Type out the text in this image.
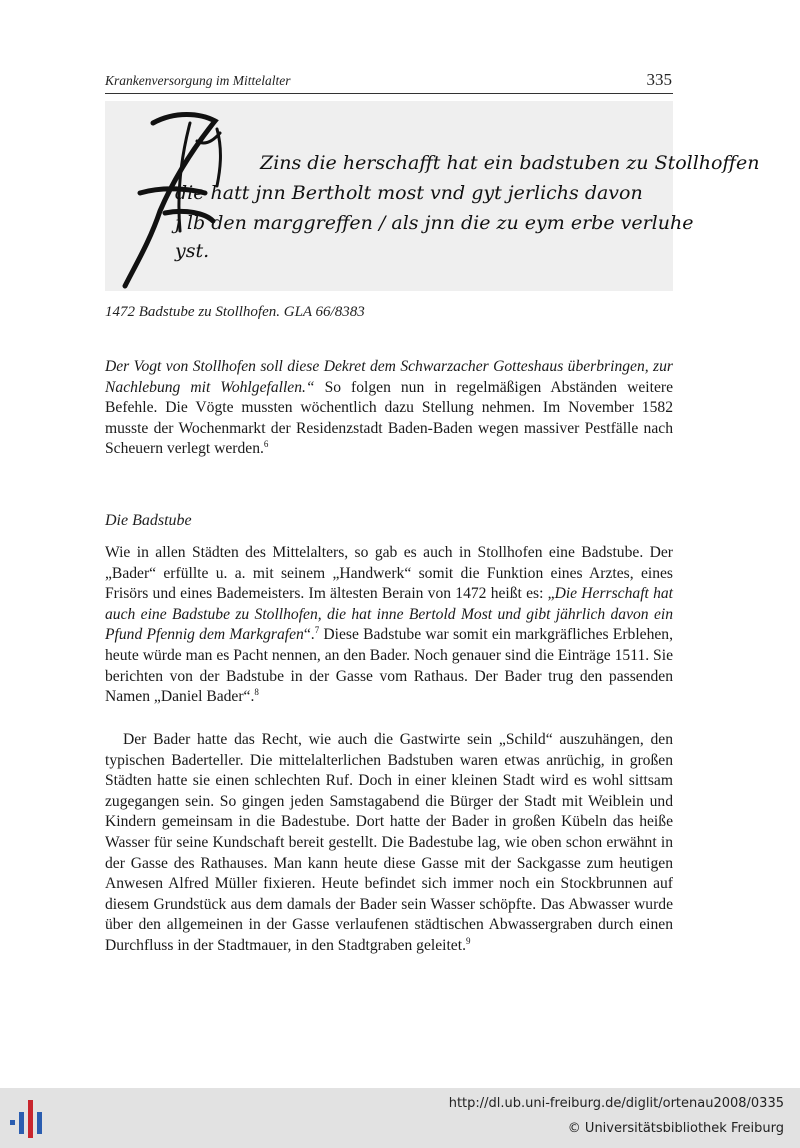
Krankenversorgung im Mittelalter	335
Zins die herschafft hat ein badstuben zu Stollhoffen
die hatt jnn Bertholt most vnd gyt jerlichs davon
j lb den marggreffen / als jnn die zu eym erbe verluhe
yst.
1472 Badstube zu Stollhofen. GLA 66/8383

Der Vogt von Stollhofen soll diese Dekret dem Schwarzacher Gotteshaus überbringen, zur Nachlebung mit Wohlgefallen.“ So folgen nun in regelmäßigen Abständen weitere Befehle. Die Vögte mussten wöchentlich dazu Stellung nehmen. Im November 1582 musste der Wochenmarkt der Residenzstadt Baden-Baden wegen massiver Pestfälle nach Scheuern verlegt werden.$^6$

Die Badstube

Wie in allen Städten des Mittelalters, so gab es auch in Stollhofen eine Badstube. Der „Bader“ erfüllte u. a. mit seinem „Handwerk“ somit die Funktion eines Arztes, eines Frisörs und eines Bademeisters. Im ältesten Berain von 1472 heißt es: „Die Herrschaft hat auch eine Badstube zu Stollhofen, die hat inne Bertold Most und gibt jährlich davon ein Pfund Pfennig dem Markgrafen“.$^7$ Diese Badstube war somit ein markgräfliches Erblehen, heute würde man es Pacht nennen, an den Bader. Noch genauer sind die Einträge 1511. Sie berichten von der Badstube in der Gasse vom Rathaus. Der Bader trug den passenden Namen „Daniel Bader“.$^8$

Der Bader hatte das Recht, wie auch die Gastwirte sein „Schild“ auszuhängen, den typischen Baderteller. Die mittelalterlichen Badstuben waren etwas anrüchig, in großen Städten hatte sie einen schlechten Ruf. Doch in einer kleinen Stadt wird es wohl sittsam zugegangen sein. So gingen jeden Samstagabend die Bürger der Stadt mit Weiblein und Kindern gemeinsam in die Badestube. Dort hatte der Bader in großen Kübeln das heiße Wasser für seine Kundschaft bereit gestellt. Die Badestube lag, wie oben schon erwähnt in der Gasse des Rathauses. Man kann heute diese Gasse mit der Sackgasse zum heutigen Anwesen Alfred Müller fixieren. Heute befindet sich immer noch ein Stockbrunnen auf diesem Grundstück aus dem damals der Bader sein Wasser schöpfte. Das Abwasser wurde über den allgemeinen in der Gasse verlaufenen städtischen Abwassergraben durch einen Durchfluss in der Stadtmauer, in den Stadtgraben geleitet.$^9$

http://dl.ub.uni-freiburg.de/diglit/ortenau2008/0335
© Universitätsbibliothek Freiburg
